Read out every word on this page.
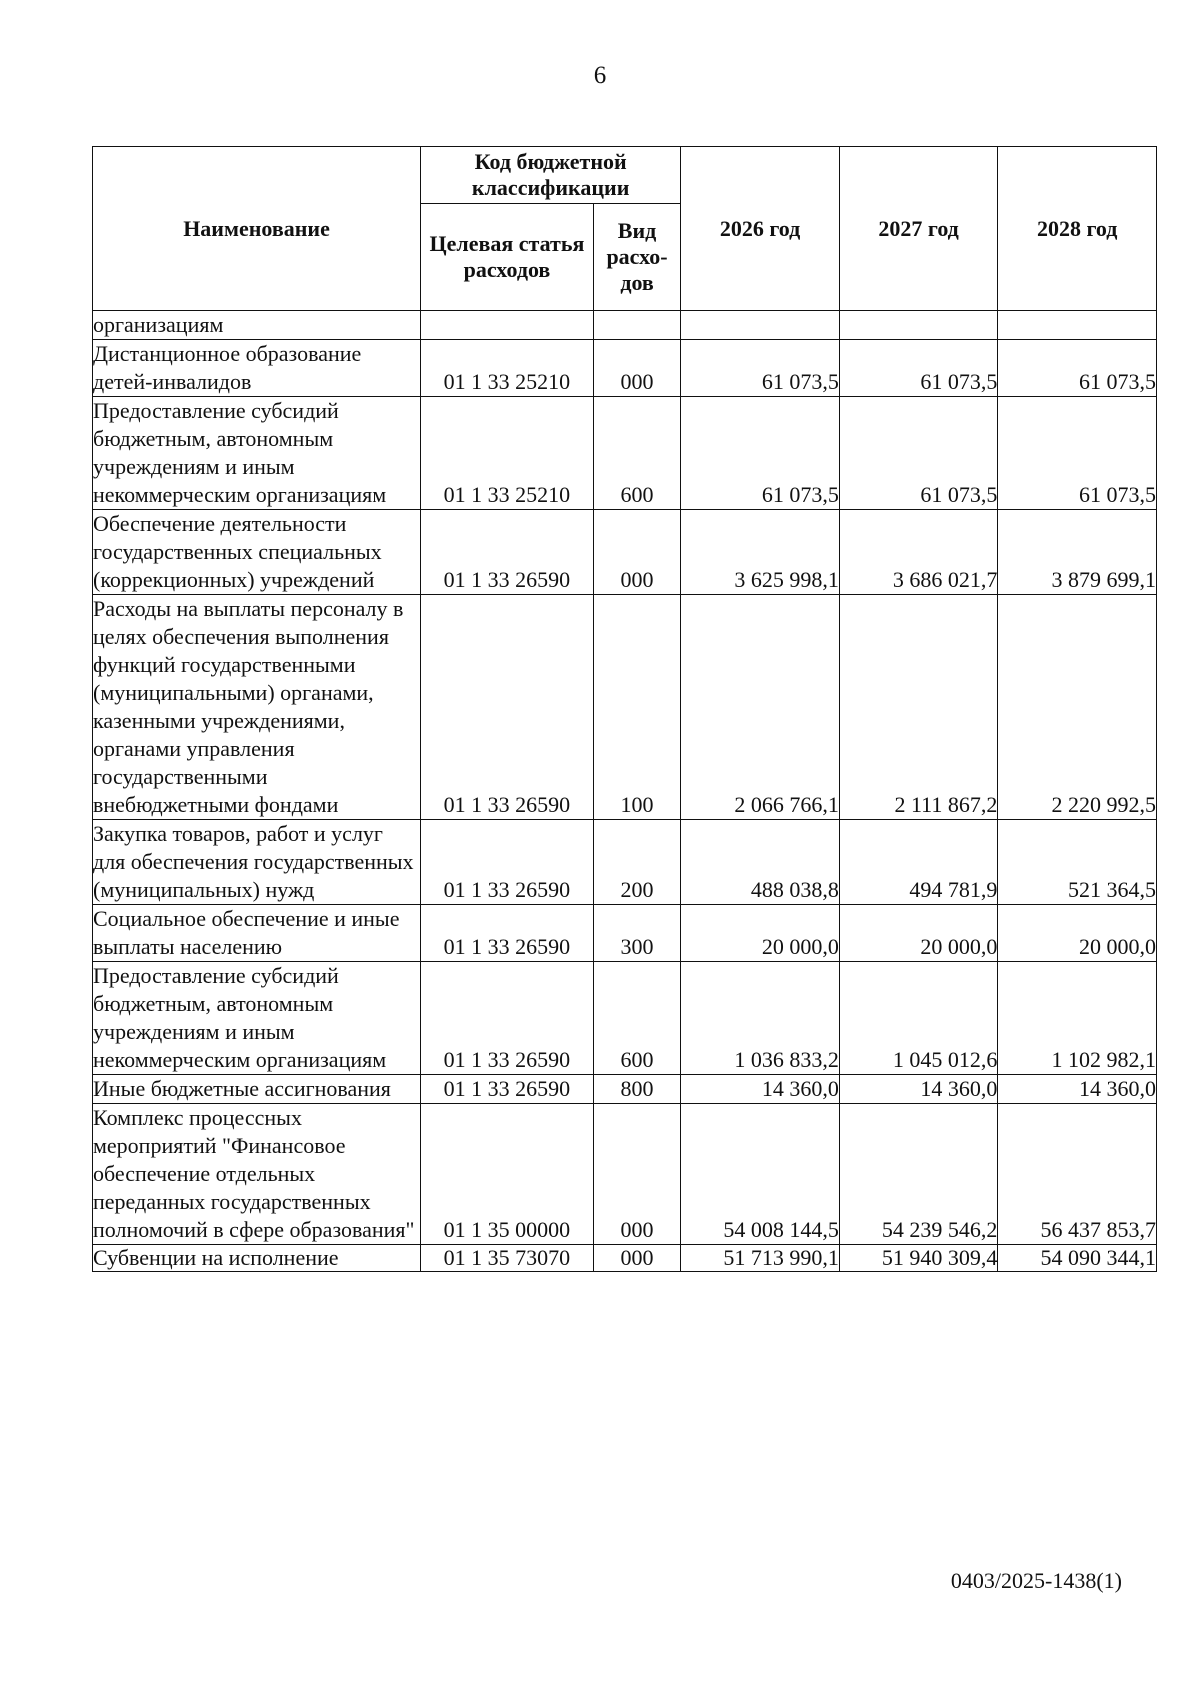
6
Наименование	Код бюджетной классификации		2026 год	2027 год	2028 год
	Целевая статья расходов	Вид расхо-дов			
организациям					
Дистанционное образование детей-инвалидов	01 1 33 25210	000	61 073,5	61 073,5	61 073,5
Предоставление субсидий бюджетным, автономным учреждениям и иным некоммерческим организациям	01 1 33 25210	600	61 073,5	61 073,5	61 073,5
Обеспечение деятельности государственных специальных (коррекционных) учреждений	01 1 33 26590	000	3 625 998,1	3 686 021,7	3 879 699,1
Расходы на выплаты персоналу в целях обеспечения выполнения функций государственными (муниципальными) органами, казенными учреждениями, органами управления государственными внебюджетными фондами	01 1 33 26590	100	2 066 766,1	2 111 867,2	2 220 992,5
Закупка товаров, работ и услуг для обеспечения государственных (муниципальных) нужд	01 1 33 26590	200	488 038,8	494 781,9	521 364,5
Социальное обеспечение и иные выплаты населению	01 1 33 26590	300	20 000,0	20 000,0	20 000,0
Предоставление субсидий бюджетным, автономным учреждениям и иным некоммерческим организациям	01 1 33 26590	600	1 036 833,2	1 045 012,6	1 102 982,1
Иные бюджетные ассигнования	01 1 33 26590	800	14 360,0	14 360,0	14 360,0
Комплекс процессных мероприятий "Финансовое обеспечение отдельных переданных государственных полномочий в сфере образования"	01 1 35 00000	000	54 008 144,5	54 239 546,2	56 437 853,7
Субвенции на исполнение	01 1 35 73070	000	51 713 990,1	51 940 309,4	54 090 344,1
0403/2025-1438(1)
